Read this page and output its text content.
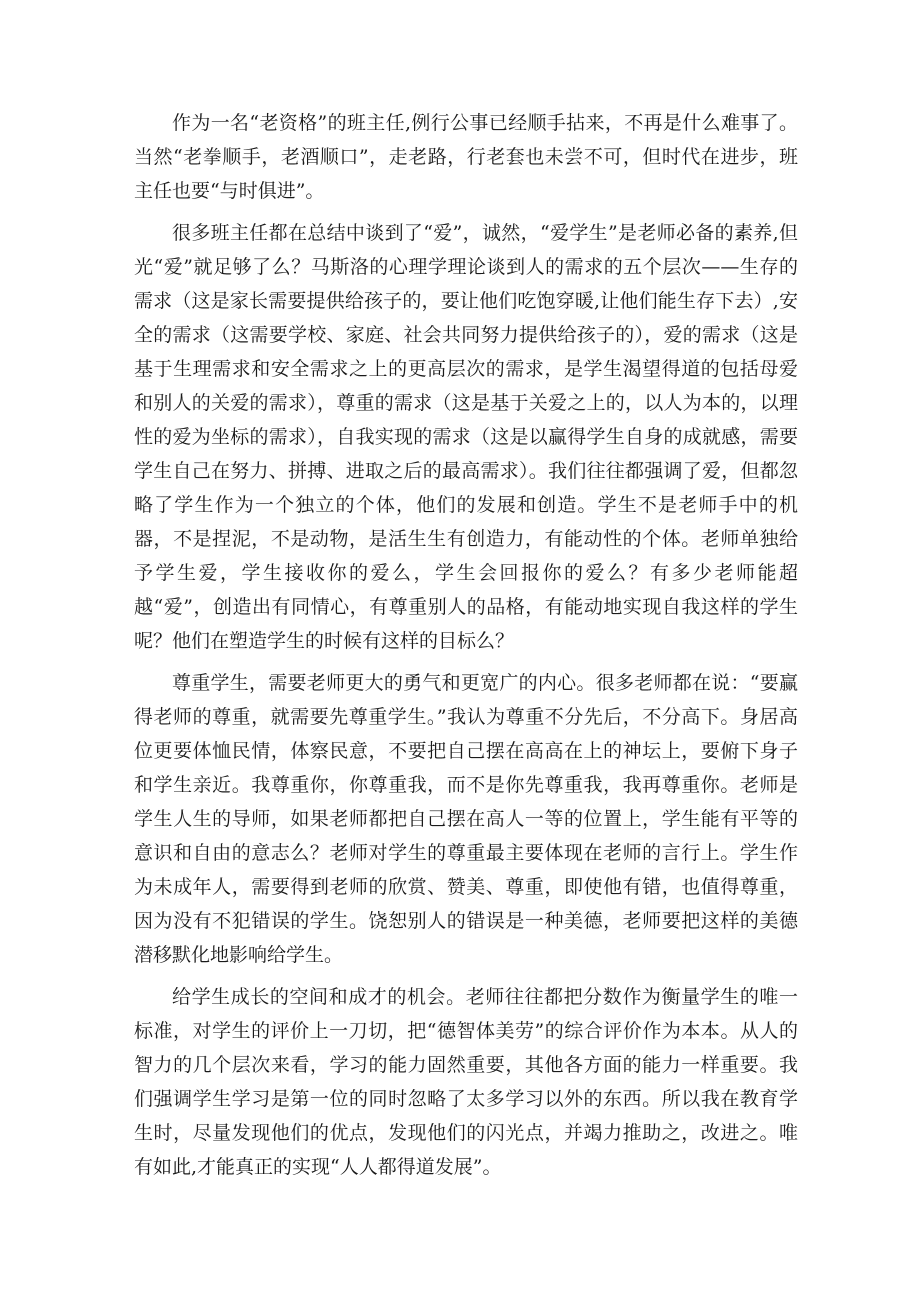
作为一名“老资格”的班主任,例行公事已经顺手拈来，不再是什么难事了。当然“老拳顺手，老酒顺口”，走老路，行老套也未尝不可，但时代在进步，班主任也要“与时俱进”。

很多班主任都在总结中谈到了“爱”，诚然，“爱学生”是老师必备的素养,但光“爱”就足够了么？马斯洛的心理学理论谈到人的需求的五个层次——生存的需求（这是家长需要提供给孩子的，要让他们吃饱穿暖,让他们能生存下去）,安全的需求（这需要学校、家庭、社会共同努力提供给孩子的），爱的需求（这是基于生理需求和安全需求之上的更高层次的需求，是学生渴望得道的包括母爱和别人的关爱的需求），尊重的需求（这是基于关爱之上的，以人为本的，以理性的爱为坐标的需求），自我实现的需求（这是以赢得学生自身的成就感，需要学生自己在努力、拼搏、进取之后的最高需求）。我们往往都强调了爱，但都忽略了学生作为一个独立的个体，他们的发展和创造。学生不是老师手中的机器，不是捏泥，不是动物，是活生生有创造力，有能动性的个体。老师单独给予学生爱，学生接收你的爱么，学生会回报你的爱么？有多少老师能超越“爱”，创造出有同情心，有尊重别人的品格，有能动地实现自我这样的学生呢？他们在塑造学生的时候有这样的目标么？

尊重学生，需要老师更大的勇气和更宽广的内心。很多老师都在说：“要赢得老师的尊重，就需要先尊重学生。”我认为尊重不分先后，不分高下。身居高位更要体恤民情，体察民意，不要把自己摆在高高在上的神坛上，要俯下身子和学生亲近。我尊重你，你尊重我，而不是你先尊重我，我再尊重你。老师是学生人生的导师，如果老师都把自己摆在高人一等的位置上，学生能有平等的意识和自由的意志么？老师对学生的尊重最主要体现在老师的言行上。学生作为未成年人，需要得到老师的欣赏、赞美、尊重，即使他有错，也值得尊重，因为没有不犯错误的学生。饶恕别人的错误是一种美德，老师要把这样的美德潜移默化地影响给学生。

给学生成长的空间和成才的机会。老师往往都把分数作为衡量学生的唯一标准，对学生的评价上一刀切，把“德智体美劳”的综合评价作为本本。从人的智力的几个层次来看，学习的能力固然重要，其他各方面的能力一样重要。我们强调学生学习是第一位的同时忽略了太多学习以外的东西。所以我在教育学生时，尽量发现他们的优点，发现他们的闪光点，并竭力推助之，改进之。唯有如此,才能真正的实现“人人都得道发展”。
